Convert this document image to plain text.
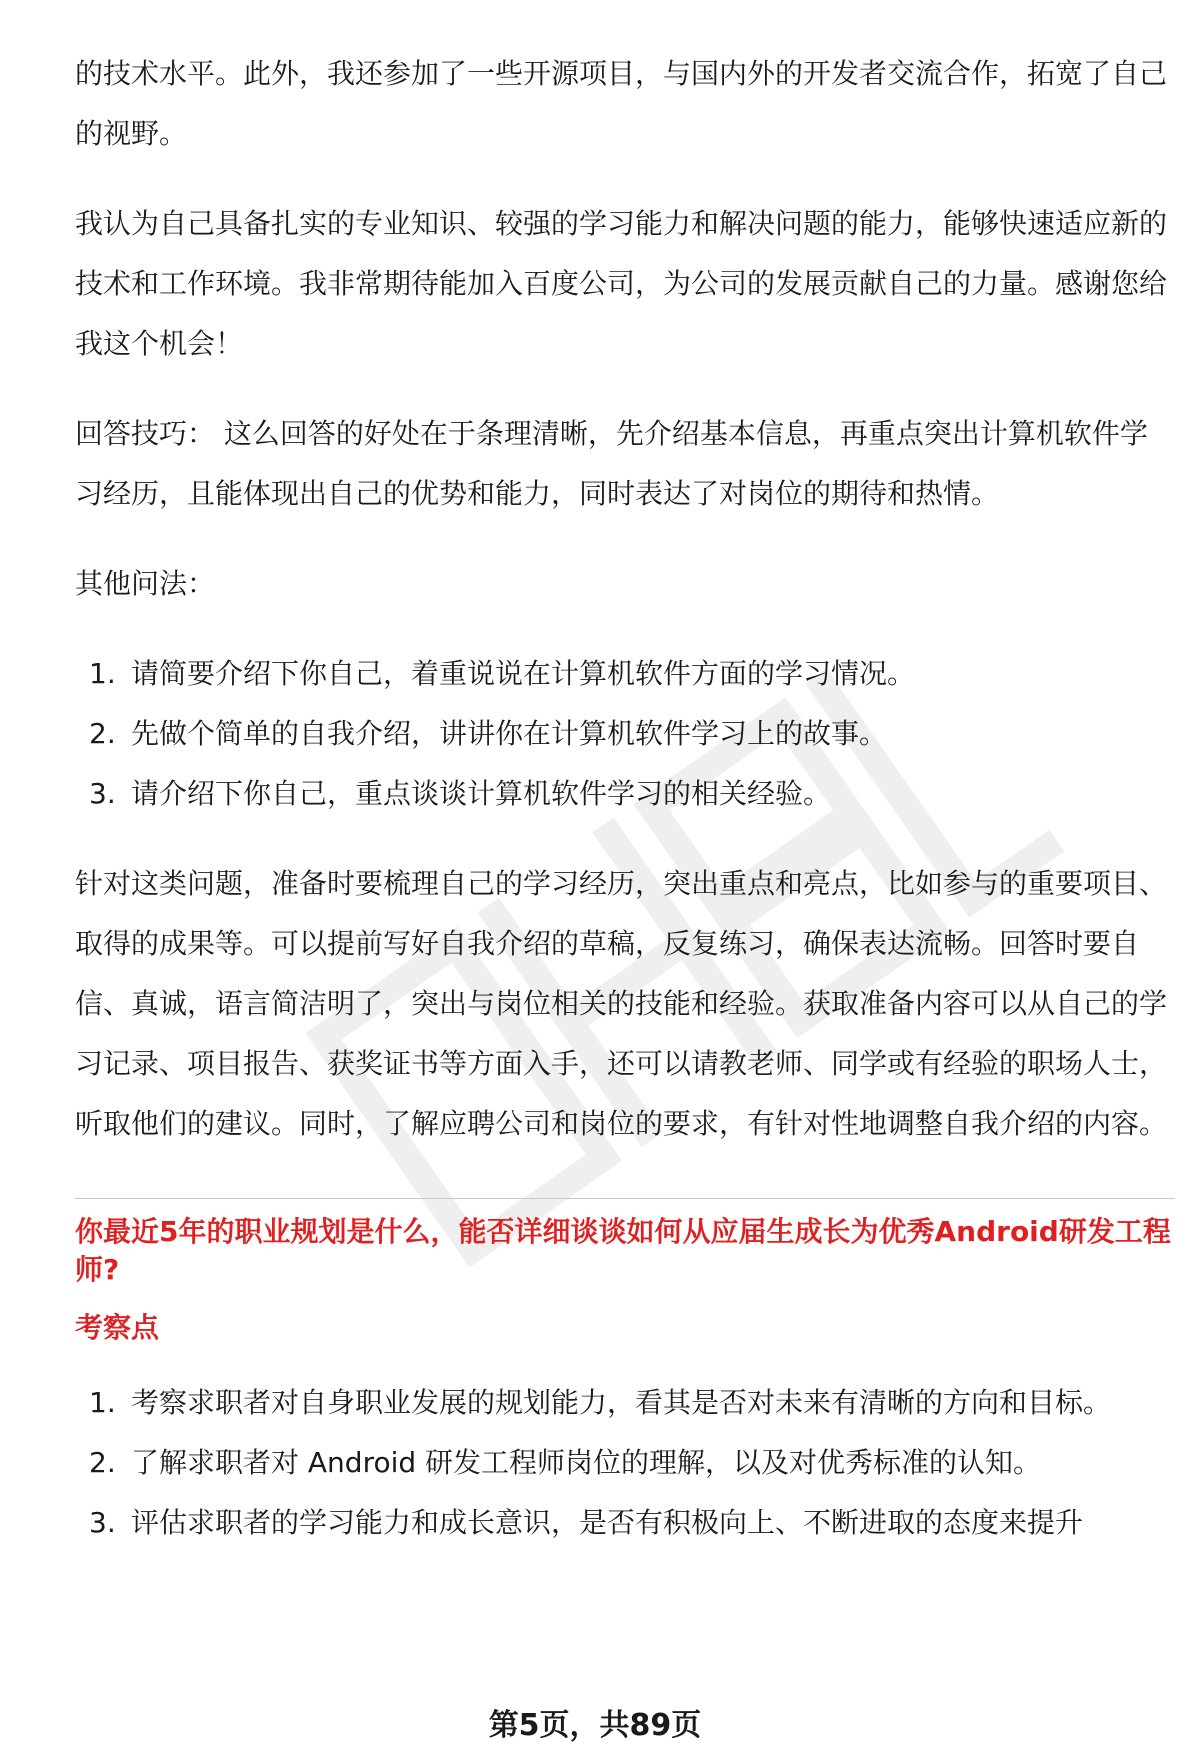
的技术水平。此外，我还参加了一些开源项目，与国内外的开发者交流合作，拓宽了自己的视野。

我认为自己具备扎实的专业知识、较强的学习能力和解决问题的能力，能够快速适应新的技术和工作环境。我非常期待能加入百度公司，为公司的发展贡献自己的力量。感谢您给我这个机会！

回答技巧： 这么回答的好处在于条理清晰，先介绍基本信息，再重点突出计算机软件学习经历，且能体现出自己的优势和能力，同时表达了对岗位的期待和热情。

其他问法：

1. 请简要介绍下你自己，着重说说在计算机软件方面的学习情况。
2. 先做个简单的自我介绍，讲讲你在计算机软件学习上的故事。
3. 请介绍下你自己，重点谈谈计算机软件学习的相关经验。

针对这类问题，准备时要梳理自己的学习经历，突出重点和亮点，比如参与的重要项目、取得的成果等。可以提前写好自我介绍的草稿，反复练习，确保表达流畅。回答时要自信、真诚，语言简洁明了，突出与岗位相关的技能和经验。获取准备内容可以从自己的学习记录、项目报告、获奖证书等方面入手，还可以请教老师、同学或有经验的职场人士，听取他们的建议。同时，了解应聘公司和岗位的要求，有针对性地调整自我介绍的内容。

你最近5年的职业规划是什么，能否详细谈谈如何从应届生成长为优秀Android研发工程师?

考察点

1. 考察求职者对自身职业发展的规划能力，看其是否对未来有清晰的方向和目标。
2. 了解求职者对 Android 研发工程师岗位的理解，以及对优秀标准的认知。
3. 评估求职者的学习能力和成长意识，是否有积极向上、不断进取的态度来提升
第5页，共89页
